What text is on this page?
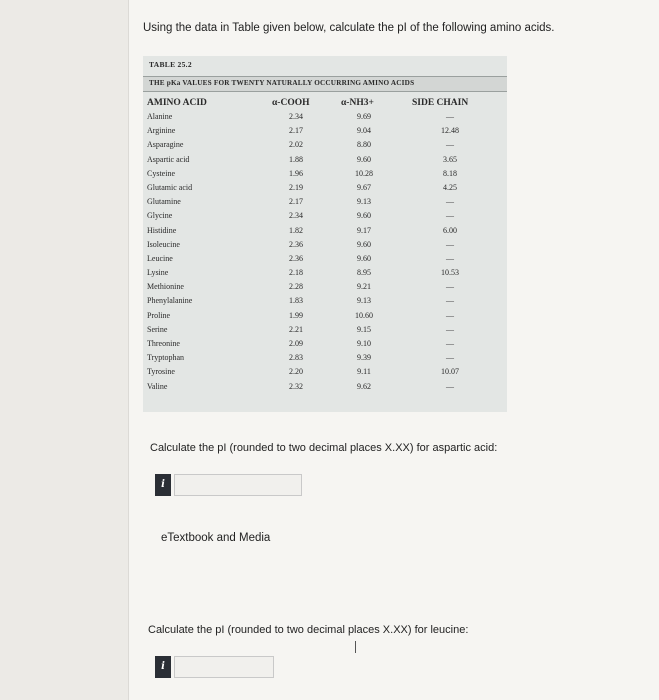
Using the data in Table given below, calculate the pI of the following amino acids.
TABLE 25.2
THE pKa VALUES FOR TWENTY NATURALLY OCCURRING AMINO ACIDS
AMINO ACID	α-COOH	α-NH3+	SIDE CHAIN
Alanine	2.34	9.69	—
Arginine	2.17	9.04	12.48
Asparagine	2.02	8.80	—
Aspartic acid	1.88	9.60	3.65
Cysteine	1.96	10.28	8.18
Glutamic acid	2.19	9.67	4.25
Glutamine	2.17	9.13	—
Glycine	2.34	9.60	—
Histidine	1.82	9.17	6.00
Isoleucine	2.36	9.60	—
Leucine	2.36	9.60	—
Lysine	2.18	8.95	10.53
Methionine	2.28	9.21	—
Phenylalanine	1.83	9.13	—
Proline	1.99	10.60	—
Serine	2.21	9.15	—
Threonine	2.09	9.10	—
Tryptophan	2.83	9.39	—
Tyrosine	2.20	9.11	10.07
Valine	2.32	9.62	—
Calculate the pI (rounded to two decimal places X.XX) for aspartic acid:
i
eTextbook and Media
Calculate the pI (rounded to two decimal places X.XX) for leucine:
i
